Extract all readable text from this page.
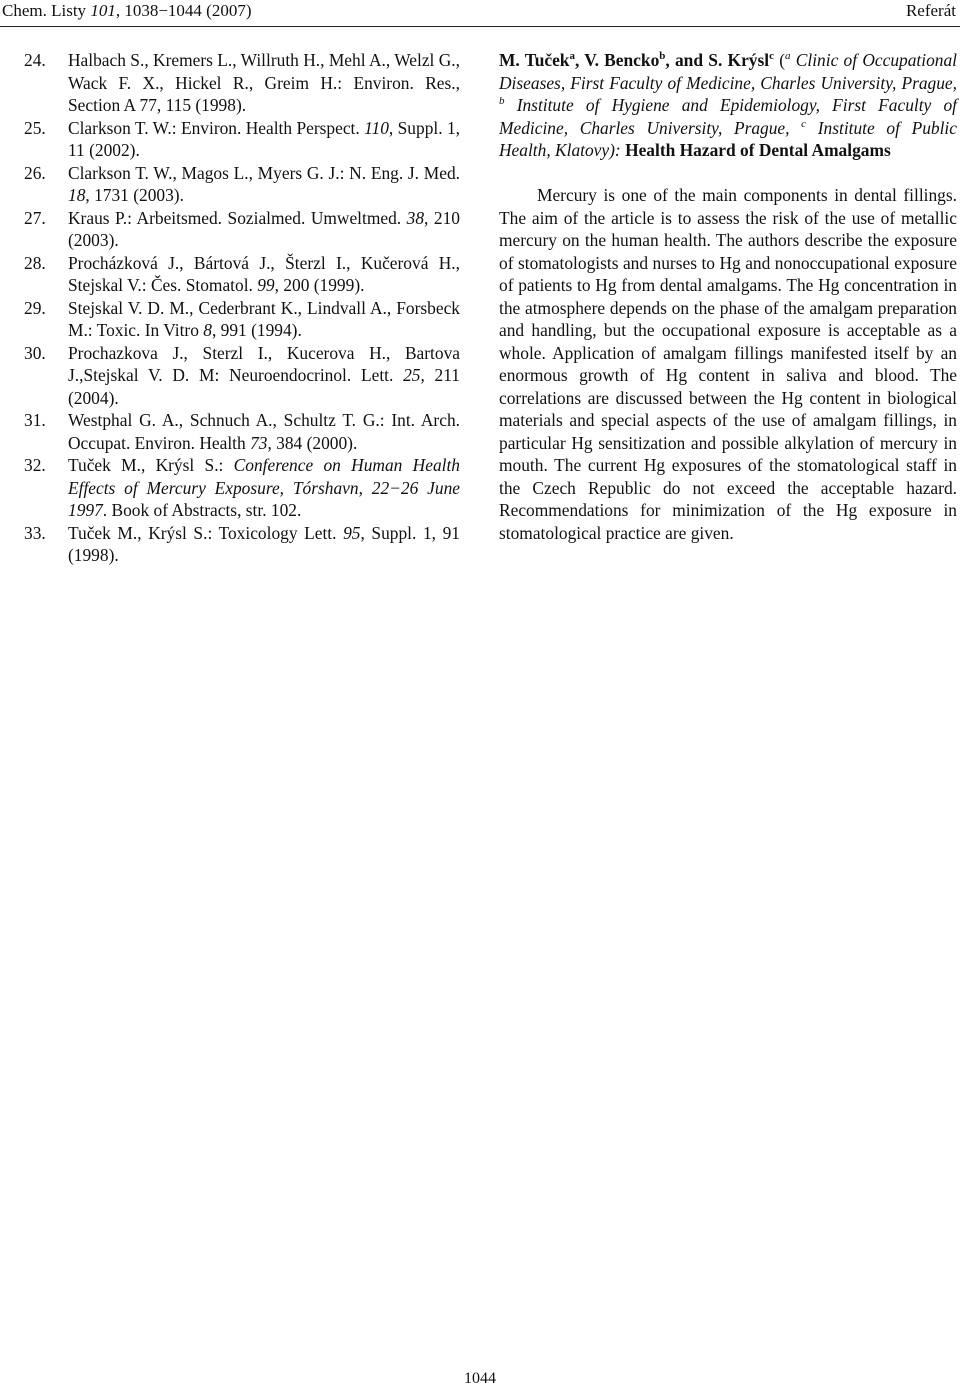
Chem. Listy 101, 1038−1044 (2007)	Referát
24. Halbach S., Kremers L., Willruth H., Mehl A., Welzl G., Wack F. X., Hickel R., Greim H.: Environ. Res., Section A 77, 115 (1998).
25. Clarkson T. W.: Environ. Health Perspect. 110, Suppl. 1, 11 (2002).
26. Clarkson T. W., Magos L., Myers G. J.: N. Eng. J. Med. 18, 1731 (2003).
27. Kraus P.: Arbeitsmed. Sozialmed. Umweltmed. 38, 210 (2003).
28. Procházková J., Bártová J., Šterzl I., Kučerová H., Stejskal V.: Čes. Stomatol. 99, 200 (1999).
29. Stejskal V. D. M., Cederbrant K., Lindvall A., Forsbeck M.: Toxic. In Vitro 8, 991 (1994).
30. Prochazkova J., Sterzl I., Kucerova H., Bartova J.,Stejskal V. D. M: Neuroendocrinol. Lett. 25, 211 (2004).
31. Westphal G. A., Schnuch A., Schultz T. G.: Int. Arch. Occupat. Environ. Health 73, 384 (2000).
32. Tuček M., Krýsl S.: Conference on Human Health Effects of Mercury Exposure, Tórshavn, 22−26 June 1997. Book of Abstracts, str. 102.
33. Tuček M., Krýsl S.: Toxicology Lett. 95, Suppl. 1, 91 (1998).
M. Tuček$^a$, V. Bencko$^b$, and S. Krýsl$^c$ ($^a$ Clinic of Occupational Diseases, First Faculty of Medicine, Charles University, Prague, $^b$ Institute of Hygiene and Epidemiology, First Faculty of Medicine, Charles University, Prague, $^c$ Institute of Public Health, Klatovy): Health Hazard of Dental Amalgams
Mercury is one of the main components in dental fillings. The aim of the article is to assess the risk of the use of metallic mercury on the human health. The authors describe the exposure of stomatologists and nurses to Hg and nonoccupational exposure of patients to Hg from dental amalgams. The Hg concentration in the atmosphere depends on the phase of the amalgam preparation and handling, but the occupational exposure is acceptable as a whole. Application of amalgam fillings manifested itself by an enormous growth of Hg content in saliva and blood. The correlations are discussed between the Hg content in biological materials and special aspects of the use of amalgam fillings, in particular Hg sensitization and possible alkylation of mercury in mouth. The current Hg exposures of the stomatological staff in the Czech Republic do not exceed the acceptable hazard. Recommendations for minimization of the Hg exposure in stomatological practice are given.
1044
